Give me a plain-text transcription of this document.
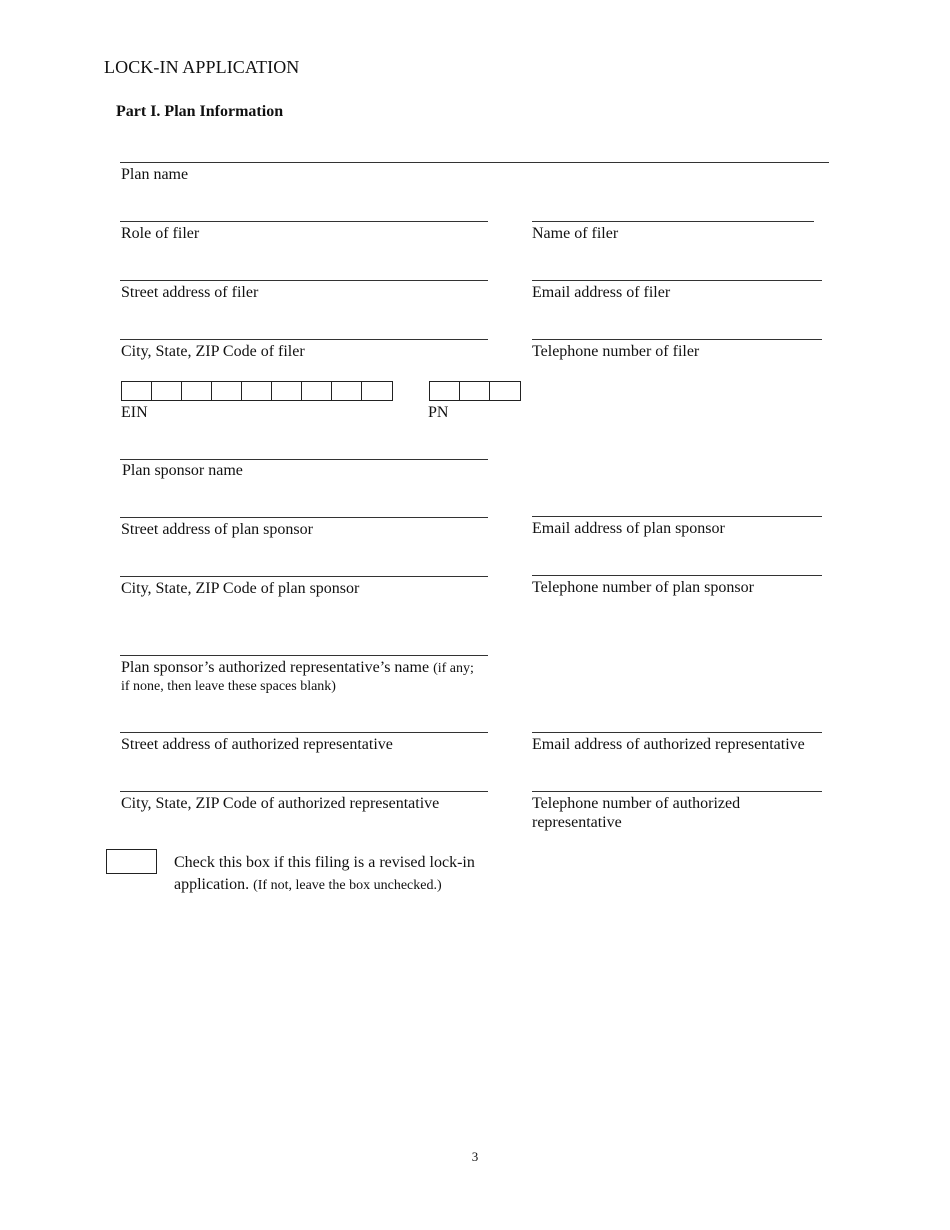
LOCK-IN APPLICATION
Part I. Plan Information
Plan name
Role of filer	Name of filer
Street address of filer	Email address of filer
City, State, ZIP Code of filer	Telephone number of filer
EIN	PN
Plan sponsor name
Street address of plan sponsor	Email address of plan sponsor
City, State, ZIP Code of plan sponsor	Telephone number of plan sponsor
Plan sponsor’s authorized representative’s name (if any;
if none, then leave these spaces blank)
Street address of authorized representative	Email address of authorized representative
City, State, ZIP Code of authorized representative	Telephone number of authorized
representative
Check this box if this filing is a revised lock-in
application. (If not, leave the box unchecked.)
3
